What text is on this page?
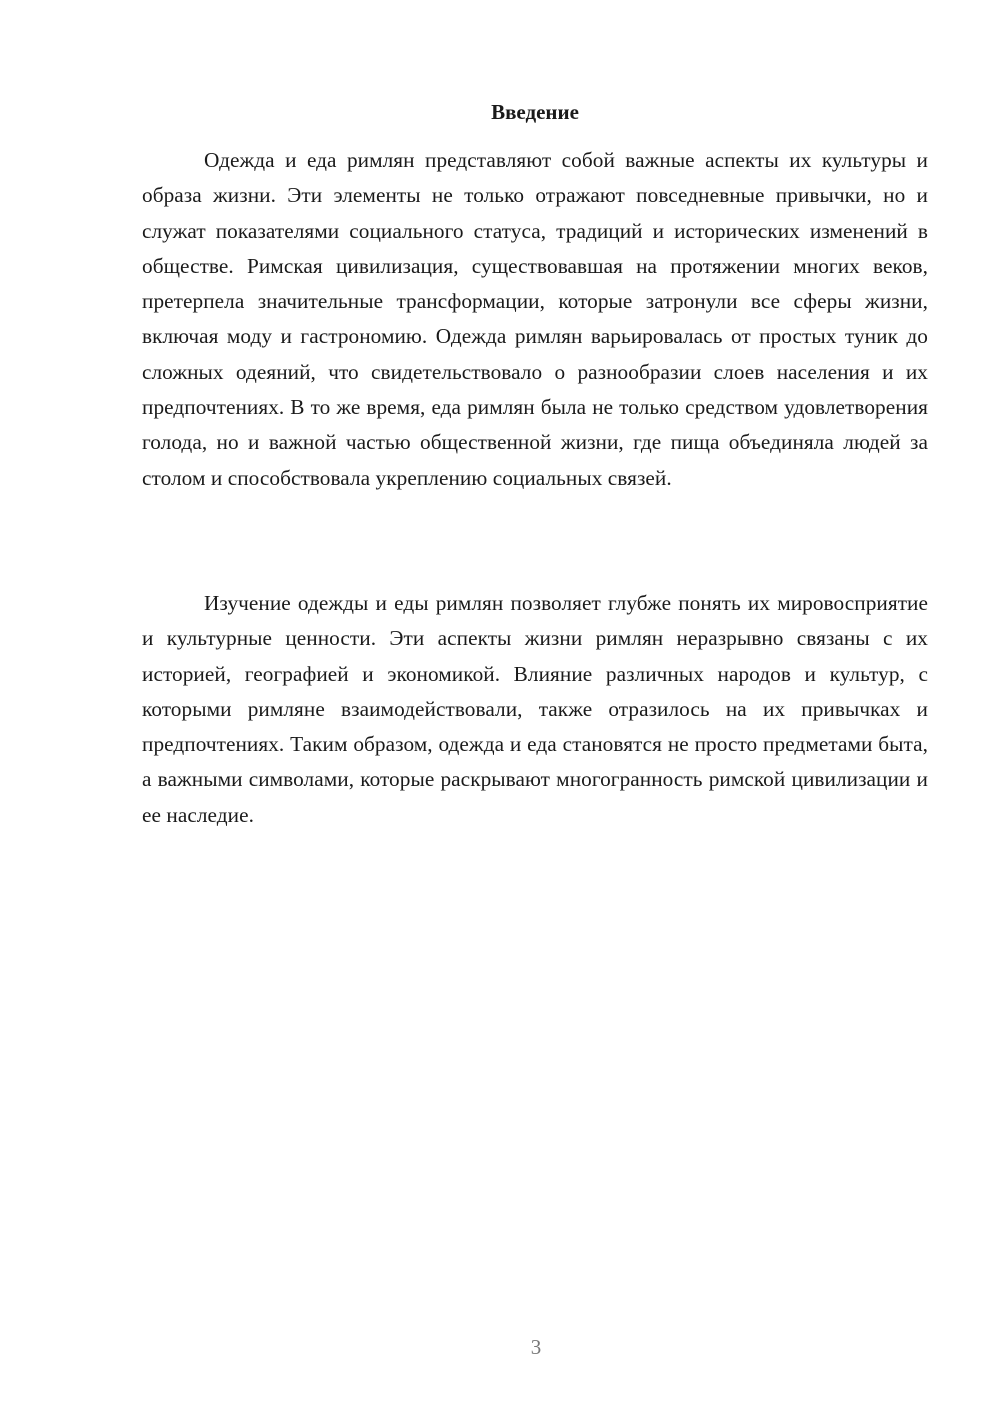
Введение

Одежда и еда римлян представляют собой важные аспекты их культуры и образа жизни. Эти элементы не только отражают повседневные привычки, но и служат показателями социального статуса, традиций и исторических изменений в обществе. Римская цивилизация, существовавшая на протяжении многих веков, претерпела значительные трансформации, которые затронули все сферы жизни, включая моду и гастрономию. Одежда римлян варьировалась от простых туник до сложных одеяний, что свидетельствовало о разнообразии слоев населения и их предпочтениях. В то же время, еда римлян была не только средством удовлетворения голода, но и важной частью общественной жизни, где пища объединяла людей за столом и способствовала укреплению социальных связей.

Изучение одежды и еды римлян позволяет глубже понять их мировосприятие и культурные ценности. Эти аспекты жизни римлян неразрывно связаны с их историей, географией и экономикой. Влияние различных народов и культур, с которыми римляне взаимодействовали, также отразилось на их привычках и предпочтениях. Таким образом, одежда и еда становятся не просто предметами быта, а важными символами, которые раскрывают многогранность римской цивилизации и ее наследие.

3
